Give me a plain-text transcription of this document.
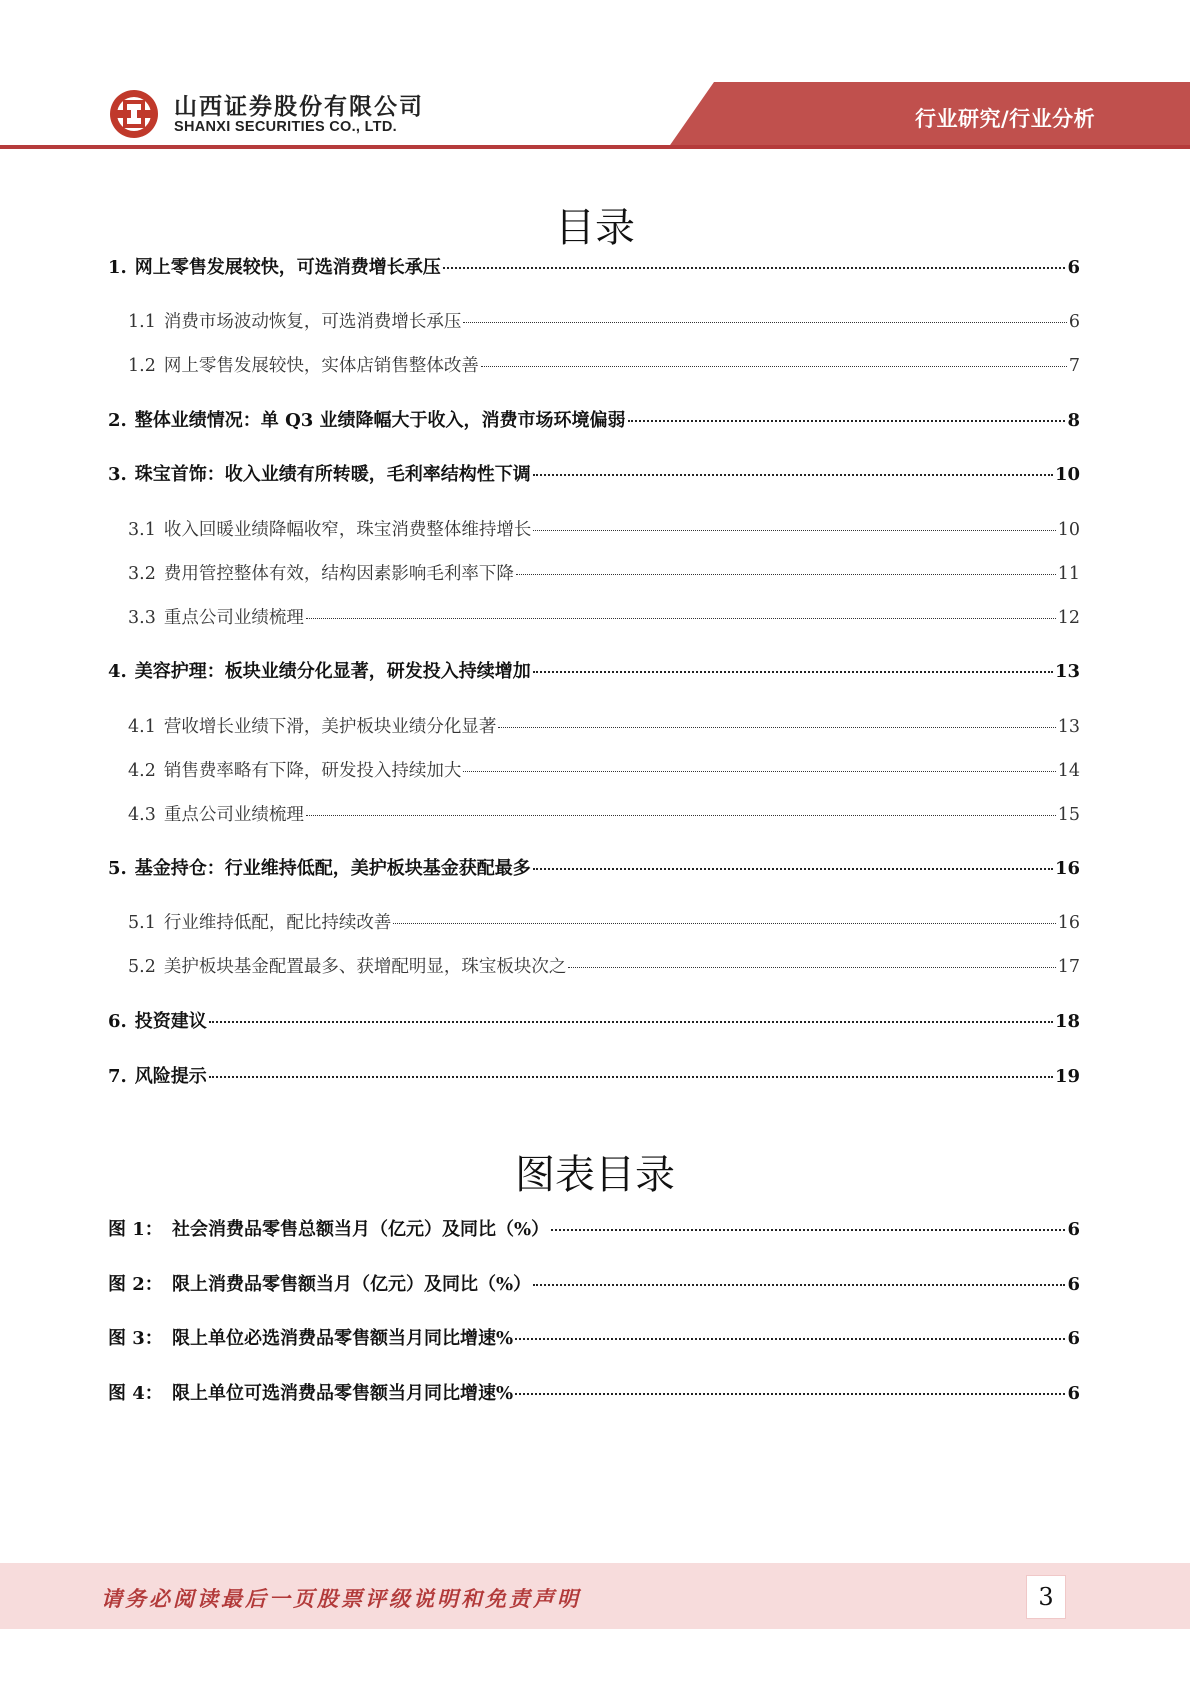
山西证券股份有限公司
SHANXI SECURITIES CO., LTD.	行业研究/行业分析
目录
1. 网上零售发展较快，可选消费增长承压	6
1.1 消费市场波动恢复，可选消费增长承压	6
1.2 网上零售发展较快，实体店销售整体改善	7
2. 整体业绩情况：单 Q3 业绩降幅大于收入，消费市场环境偏弱	8
3. 珠宝首饰：收入业绩有所转暖，毛利率结构性下调	10
3.1 收入回暖业绩降幅收窄，珠宝消费整体维持增长	10
3.2 费用管控整体有效，结构因素影响毛利率下降	11
3.3 重点公司业绩梳理	12
4. 美容护理：板块业绩分化显著，研发投入持续增加	13
4.1 营收增长业绩下滑，美护板块业绩分化显著	13
4.2 销售费率略有下降，研发投入持续加大	14
4.3 重点公司业绩梳理	15
5. 基金持仓：行业维持低配，美护板块基金获配最多	16
5.1 行业维持低配，配比持续改善	16
5.2 美护板块基金配置最多、获增配明显，珠宝板块次之	17
6. 投资建议	18
7. 风险提示	19
图表目录
图 1： 社会消费品零售总额当月（亿元）及同比（%）	6
图 2： 限上消费品零售额当月（亿元）及同比（%）	6
图 3： 限上单位必选消费品零售额当月同比增速%	6
图 4： 限上单位可选消费品零售额当月同比增速%	6
请务必阅读最后一页股票评级说明和免责声明	3
